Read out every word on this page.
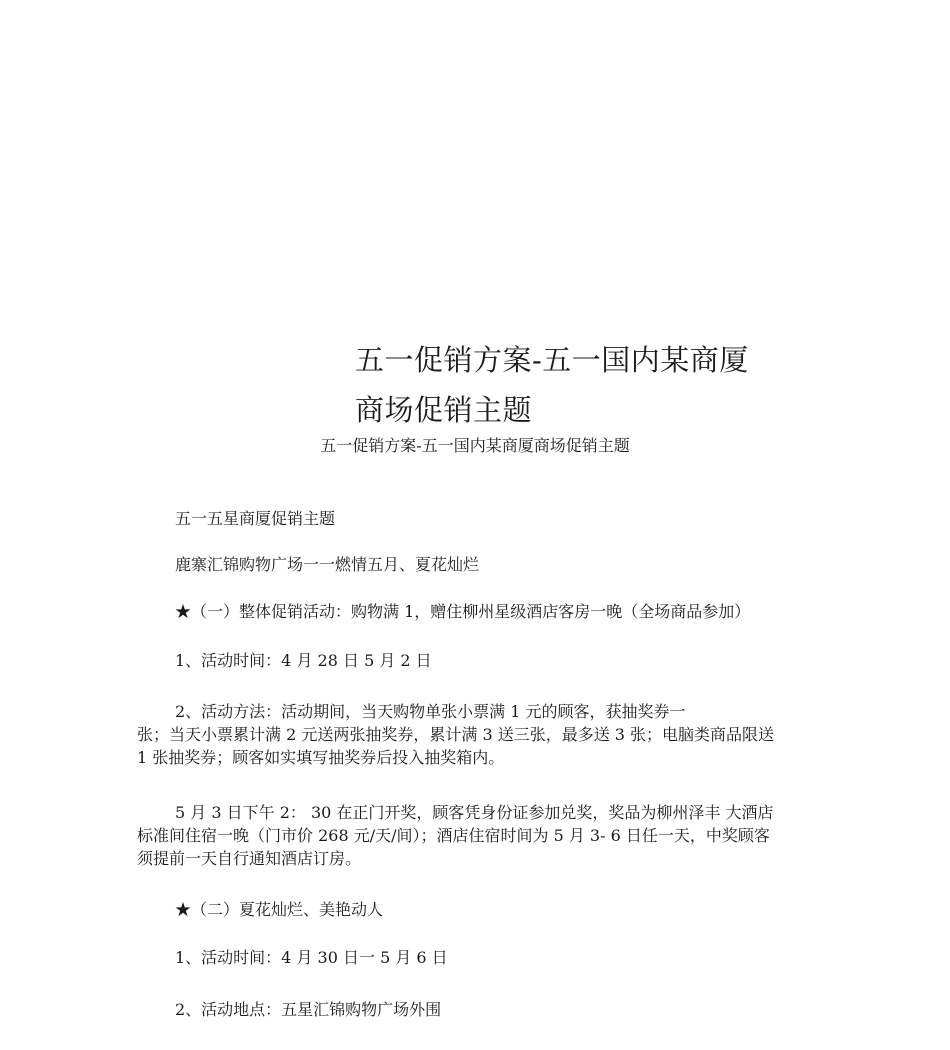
五一促销方案-五一国内某商厦
商场促销主题
五一促销方案-五一国内某商厦商场促销主题
五一五星商厦促销主题
鹿寨汇锦购物广场一一燃情五月、夏花灿烂
★（一）整体促销活动：购物满 1，赠住柳州星级酒店客房一晚（全场商品参加）
1、活动时间：4 月 28 日 5 月 2 日
2、活动方法：活动期间，当天购物单张小票满 1 元的顾客，获抽奖券一
张；当天小票累计满 2 元送两张抽奖券，累计满 3 送三张，最多送 3 张；电脑类商品限送
1 张抽奖券；顾客如实填写抽奖券后投入抽奖箱内。
5 月 3 日下午 2： 30 在正门开奖，顾客凭身份证参加兑奖，奖品为柳州泽丰 大酒店
标准间住宿一晚（门市价 268 元/天/间）；酒店住宿时间为 5 月 3- 6 日任一天，中奖顾客
须提前一天自行通知酒店订房。
★（二）夏花灿烂、美艳动人
1、活动时间：4 月 30 日一 5 月 6 日
2、活动地点：五星汇锦购物广场外围
